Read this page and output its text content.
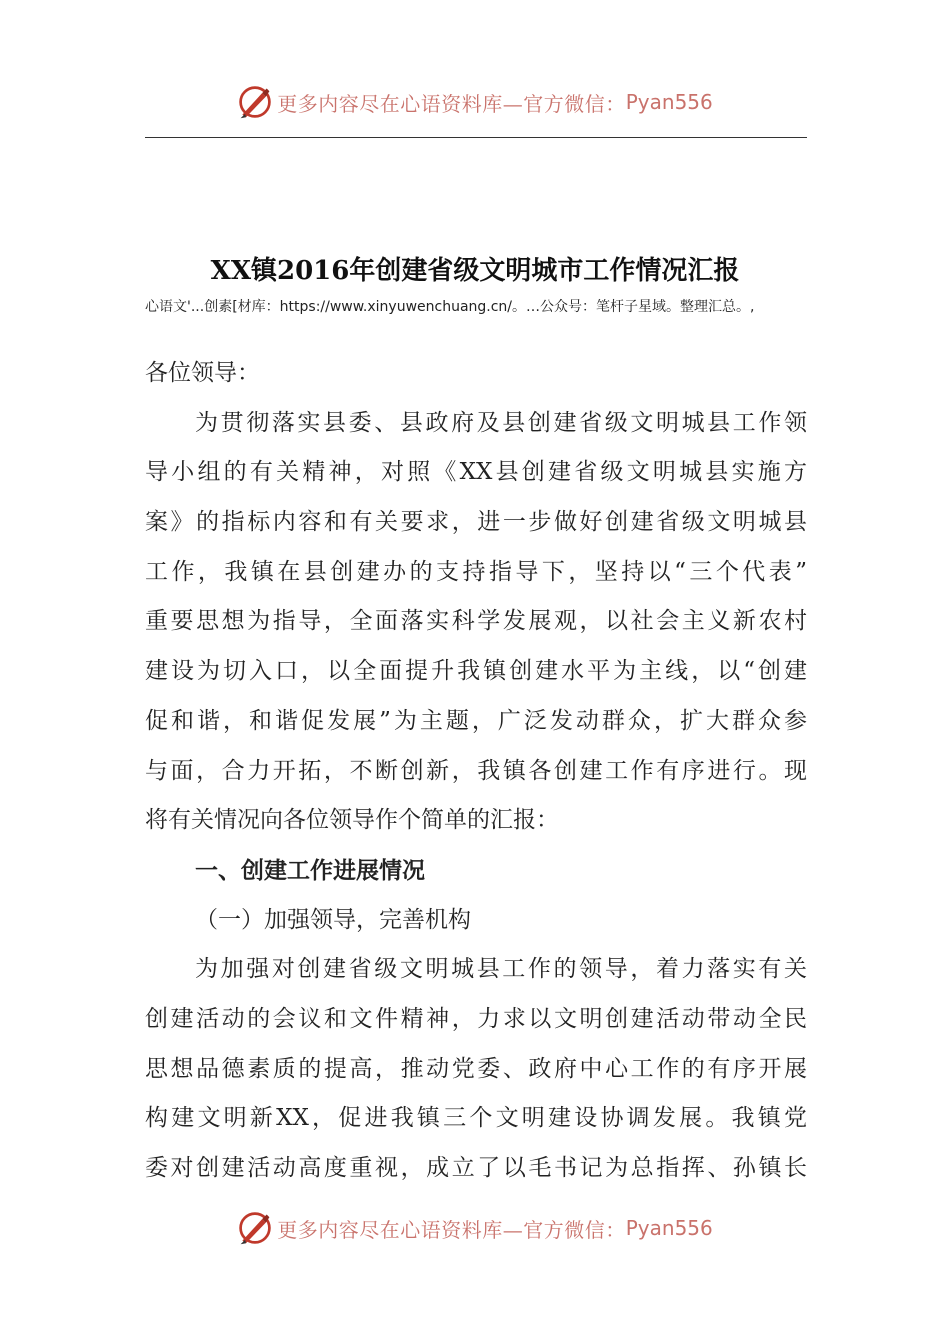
更多内容尽在心语资料库—官方微信： Pyan556
XX镇2016年创建省级文明城市工作情况汇报
心语文'...创素[材库：https://www.xinyuwenchuang.cn/。…公众号：笔杆子星域。整理汇总。,
各位领导：
为贯彻落实县委、县政府及县创建省级文明城县工作领
导小组的有关精神，对照《XX县创建省级文明城县实施方
案》的指标内容和有关要求，进一步做好创建省级文明城县
工作，我镇在县创建办的支持指导下，坚持以“三个代表”
重要思想为指导，全面落实科学发展观，以社会主义新农村
建设为切入口，以全面提升我镇创建水平为主线，以“创建
促和谐，和谐促发展”为主题，广泛发动群众，扩大群众参
与面，合力开拓，不断创新，我镇各创建工作有序进行。现
将有关情况向各位领导作个简单的汇报：
一、创建工作进展情况
（一）加强领导，完善机构
为加强对创建省级文明城县工作的领导，着力落实有关
创建活动的会议和文件精神，力求以文明创建活动带动全民
思想品德素质的提高，推动党委、政府中心工作的有序开展
构建文明新XX，促进我镇三个文明建设协调发展。我镇党
委对创建活动高度重视，成立了以毛书记为总指挥、孙镇长
更多内容尽在心语资料库—官方微信： Pyan556
